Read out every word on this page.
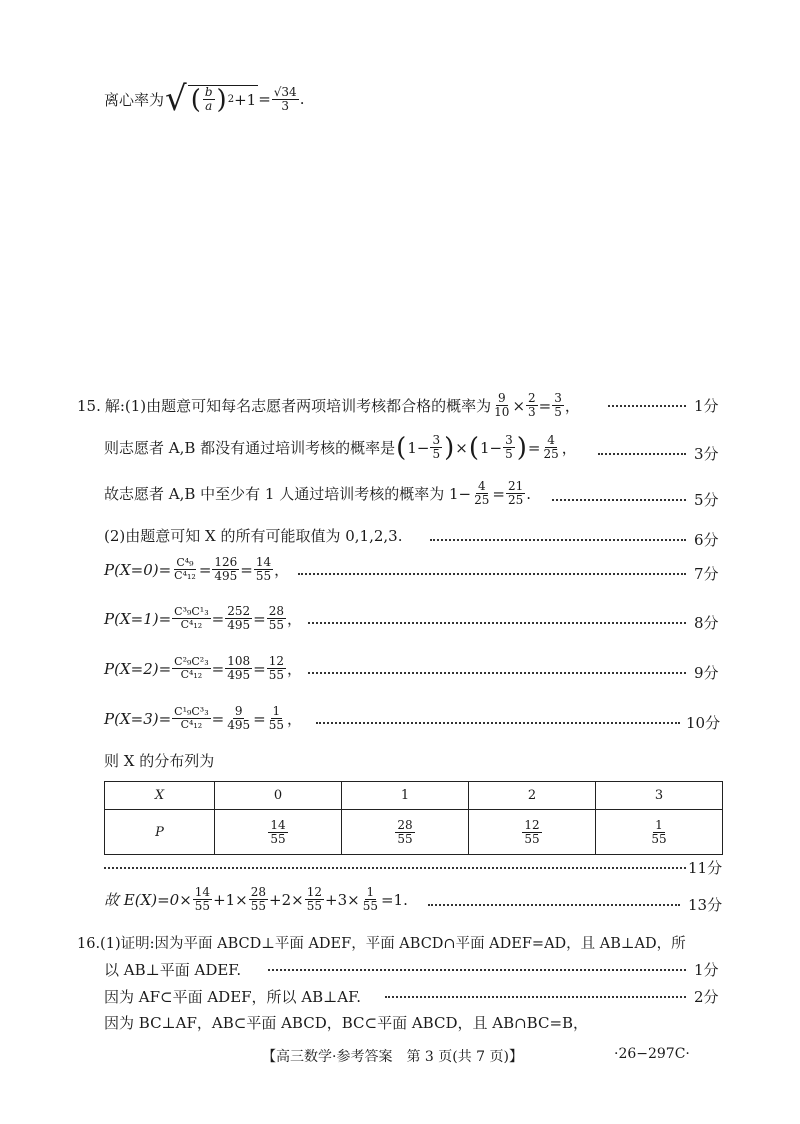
离心率为 √ ( $\frac{b}{a}$ ) $2 +1 = \frac{√34}{3}$ .
15. 解:(1)由题意可知每名志愿者两项培训考核都合格的概率为 $\frac{9}{10} \times \frac{2}{3} = \frac{3}{5}$ ，	1分
则志愿者 A,B 都没有通过培训考核的概率是 ( $1- \frac{3}{5}$ ) × ( $1- \frac{3}{5}$ ) = $\frac{4}{25}$ ，	3分
故志愿者 A,B 中至少有 1 人通过培训考核的概率为 $1- \frac{4}{25} = \frac{21}{25}$ .	5分
(2)由题意可知 X 的所有可能取值为 0,1,2,3.	6分
$P(X=0)= \frac{\text{C⁴₉}}{\text{C⁴₁₂}} = \frac{126}{495} = \frac{14}{55}$ ，	7分
$P(X=1)= \frac{\text{C³₉C¹₃}}{\text{C⁴₁₂}} = \frac{252}{495} = \frac{28}{55}$ ，	8分
$P(X=2)= \frac{\text{C²₉C²₃}}{\text{C⁴₁₂}} = \frac{108}{495} = \frac{12}{55}$ ，	9分
$P(X=3)= \frac{\text{C¹₉C³₃}}{\text{C⁴₁₂}} = \frac{9}{495} = \frac{1}{55}$ ，	10分
则 X 的分布列为
X	0	1	2	3
P	$\frac{14}{55}$	$\frac{28}{55}$	$\frac{12}{55}$	$\frac{1}{55}$
11分
故 $E(X)=0\times \frac{14}{55} +1\times \frac{28}{55} +2\times \frac{12}{55} +3\times \frac{1}{55} =1$.	13分
16.(1)证明:因为平面 ABCD⊥平面 ADEF，平面 ABCD∩平面 ADEF=AD，且 AB⊥AD，所
以 AB⊥平面 ADEF.	1分
因为 AF⊂平面 ADEF，所以 AB⊥AF.	2分
因为 BC⊥AF，AB⊂平面 ABCD，BC⊂平面 ABCD，且 AB∩BC=B，
【高三数学·参考答案　第 3 页(共 7 页)】	·26−297C·
